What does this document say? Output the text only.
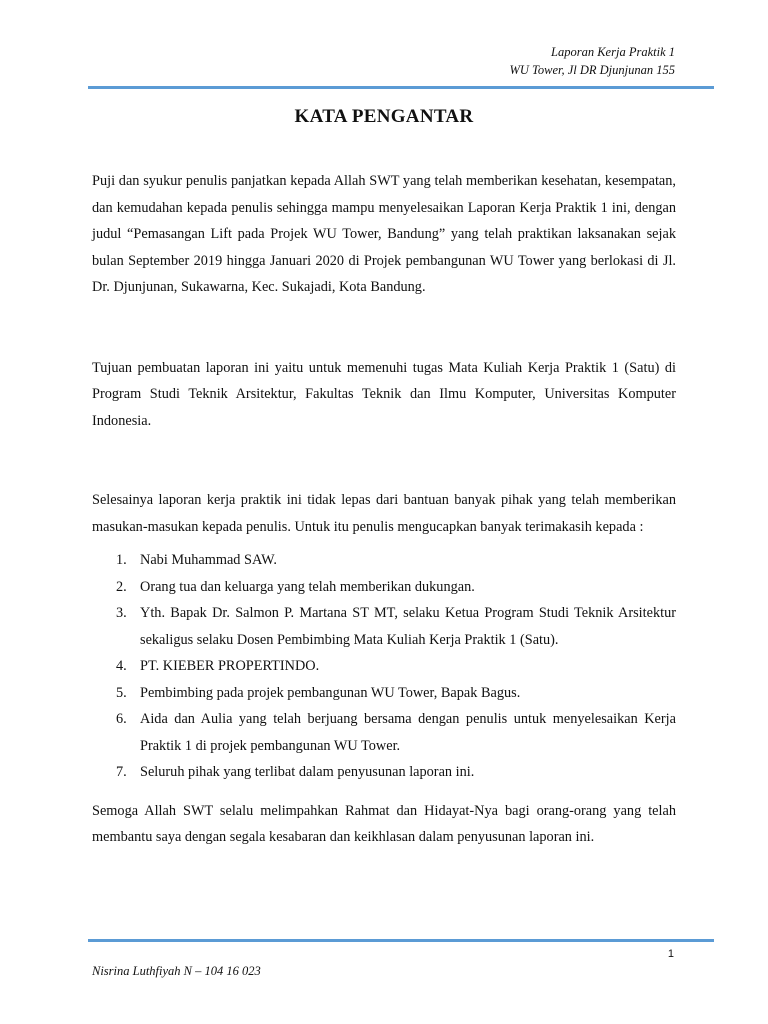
Laporan Kerja Praktik 1
WU Tower, Jl DR Djunjunan 155
KATA PENGANTAR

Puji dan syukur penulis panjatkan kepada Allah SWT yang telah memberikan kesehatan, kesempatan, dan kemudahan kepada penulis sehingga mampu menyelesaikan Laporan Kerja Praktik 1 ini, dengan judul “Pemasangan Lift pada Projek WU Tower, Bandung” yang telah praktikan laksanakan sejak bulan September 2019 hingga Januari 2020 di Projek pembangunan WU Tower yang berlokasi di Jl. Dr. Djunjunan, Sukawarna, Kec. Sukajadi, Kota Bandung.

Tujuan pembuatan laporan ini yaitu untuk memenuhi tugas Mata Kuliah Kerja Praktik 1 (Satu) di Program Studi Teknik Arsitektur, Fakultas Teknik dan Ilmu Komputer, Universitas Komputer Indonesia.

Selesainya laporan kerja praktik ini tidak lepas dari bantuan banyak pihak yang telah memberikan masukan-masukan kepada penulis. Untuk itu penulis mengucapkan banyak terimakasih kepada :

1. Nabi Muhammad SAW.
2. Orang tua dan keluarga yang telah memberikan dukungan.
3. Yth. Bapak Dr. Salmon P. Martana ST MT, selaku Ketua Program Studi Teknik Arsitektur sekaligus selaku Dosen Pembimbing Mata Kuliah Kerja Praktik 1 (Satu).
4. PT. KIEBER PROPERTINDO.
5. Pembimbing pada projek pembangunan WU Tower, Bapak Bagus.
6. Aida dan Aulia yang telah berjuang bersama dengan penulis untuk menyelesaikan Kerja Praktik 1 di projek pembangunan WU Tower.
7. Seluruh pihak yang terlibat dalam penyusunan laporan ini.

Semoga Allah SWT selalu melimpahkan Rahmat dan Hidayat-Nya bagi orang-orang yang telah membantu saya dengan segala kesabaran dan keikhlasan dalam penyusunan laporan ini.

1
Nisrina Luthfiyah N – 104 16 023
